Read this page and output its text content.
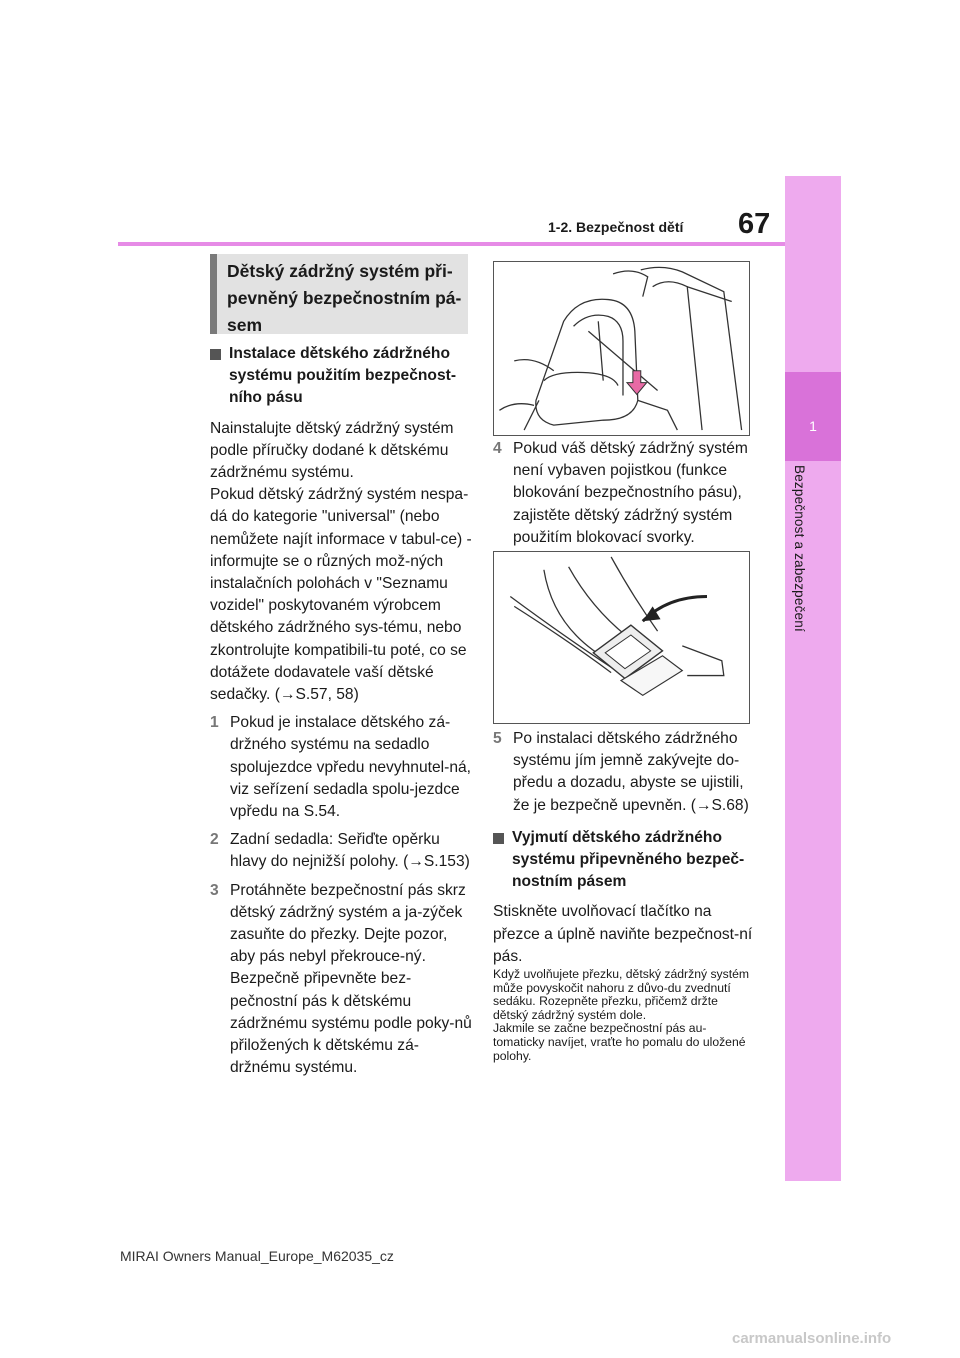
67
1-2. Bezpečnost dětí
1
Bezpečnost a zabezpečení
Dětský zádržný systém při-pevněný bezpečnostním pá-sem
Instalace dětského zádržného systému použitím bezpečnost-ního pásu

Nainstalujte dětský zádržný systém podle příručky dodané k dětskému zádržnému systému.

Pokud dětský zádržný systém nespa-dá do kategorie "universal" (nebo nemůžete najít informace v tabul-ce) - informujte se o různých mož-ných instalačních polohách v "Seznamu vozidel" poskytovaném výrobcem dětského zádržného sys-tému, nebo zkontrolujte kompatibili-tu poté, co se dotážete dodavatele vaší dětské sedačky. (→S.57, 58)

1 Pokud je instalace dětského zá-držného systému na sedadlo spolujezdce vpředu nevyhnutel-ná, viz seřízení sedadla spolu-jezdce vpředu na S.54.
2 Zadní sedadla: Seřiďte opěrku hlavy do nejnižší polohy. (→S.153)
3 Protáhněte bezpečnostní pás skrz dětský zádržný systém a ja-zýček zasuňte do přezky. Dejte pozor, aby pás nebyl překrouce-ný. Bezpečně připevněte bez-pečnostní pás k dětskému zádržnému systému podle poky-nů přiložených k dětskému zá-držnému systému.
4 Pokud váš dětský zádržný systém není vybaven pojistkou (funkce blokování bezpečnostního pásu), zajistěte dětský zádržný systém použitím blokovací svorky.
5 Po instalaci dětského zádržného systému jím jemně zakývejte do-předu a dozadu, abyste se ujistili, že je bezpečně upevněn. (→S.68)
Vyjmutí dětského zádržného systému připevněného bezpeč-nostním pásem

Stiskněte uvolňovací tlačítko na přezce a úplně naviňte bezpečnost-ní pás.

Když uvolňujete přezku, dětský zádržný systém může povyskočit nahoru z důvo-du zvednutí sedáku. Rozepněte přezku, přičemž držte dětský zádržný systém dole.

Jakmile se začne bezpečnostní pás au-tomaticky navíjet, vraťte ho pomalu do uložené polohy.

MIRAI Owners Manual_Europe_M62035_cz
carmanualsonline.info
